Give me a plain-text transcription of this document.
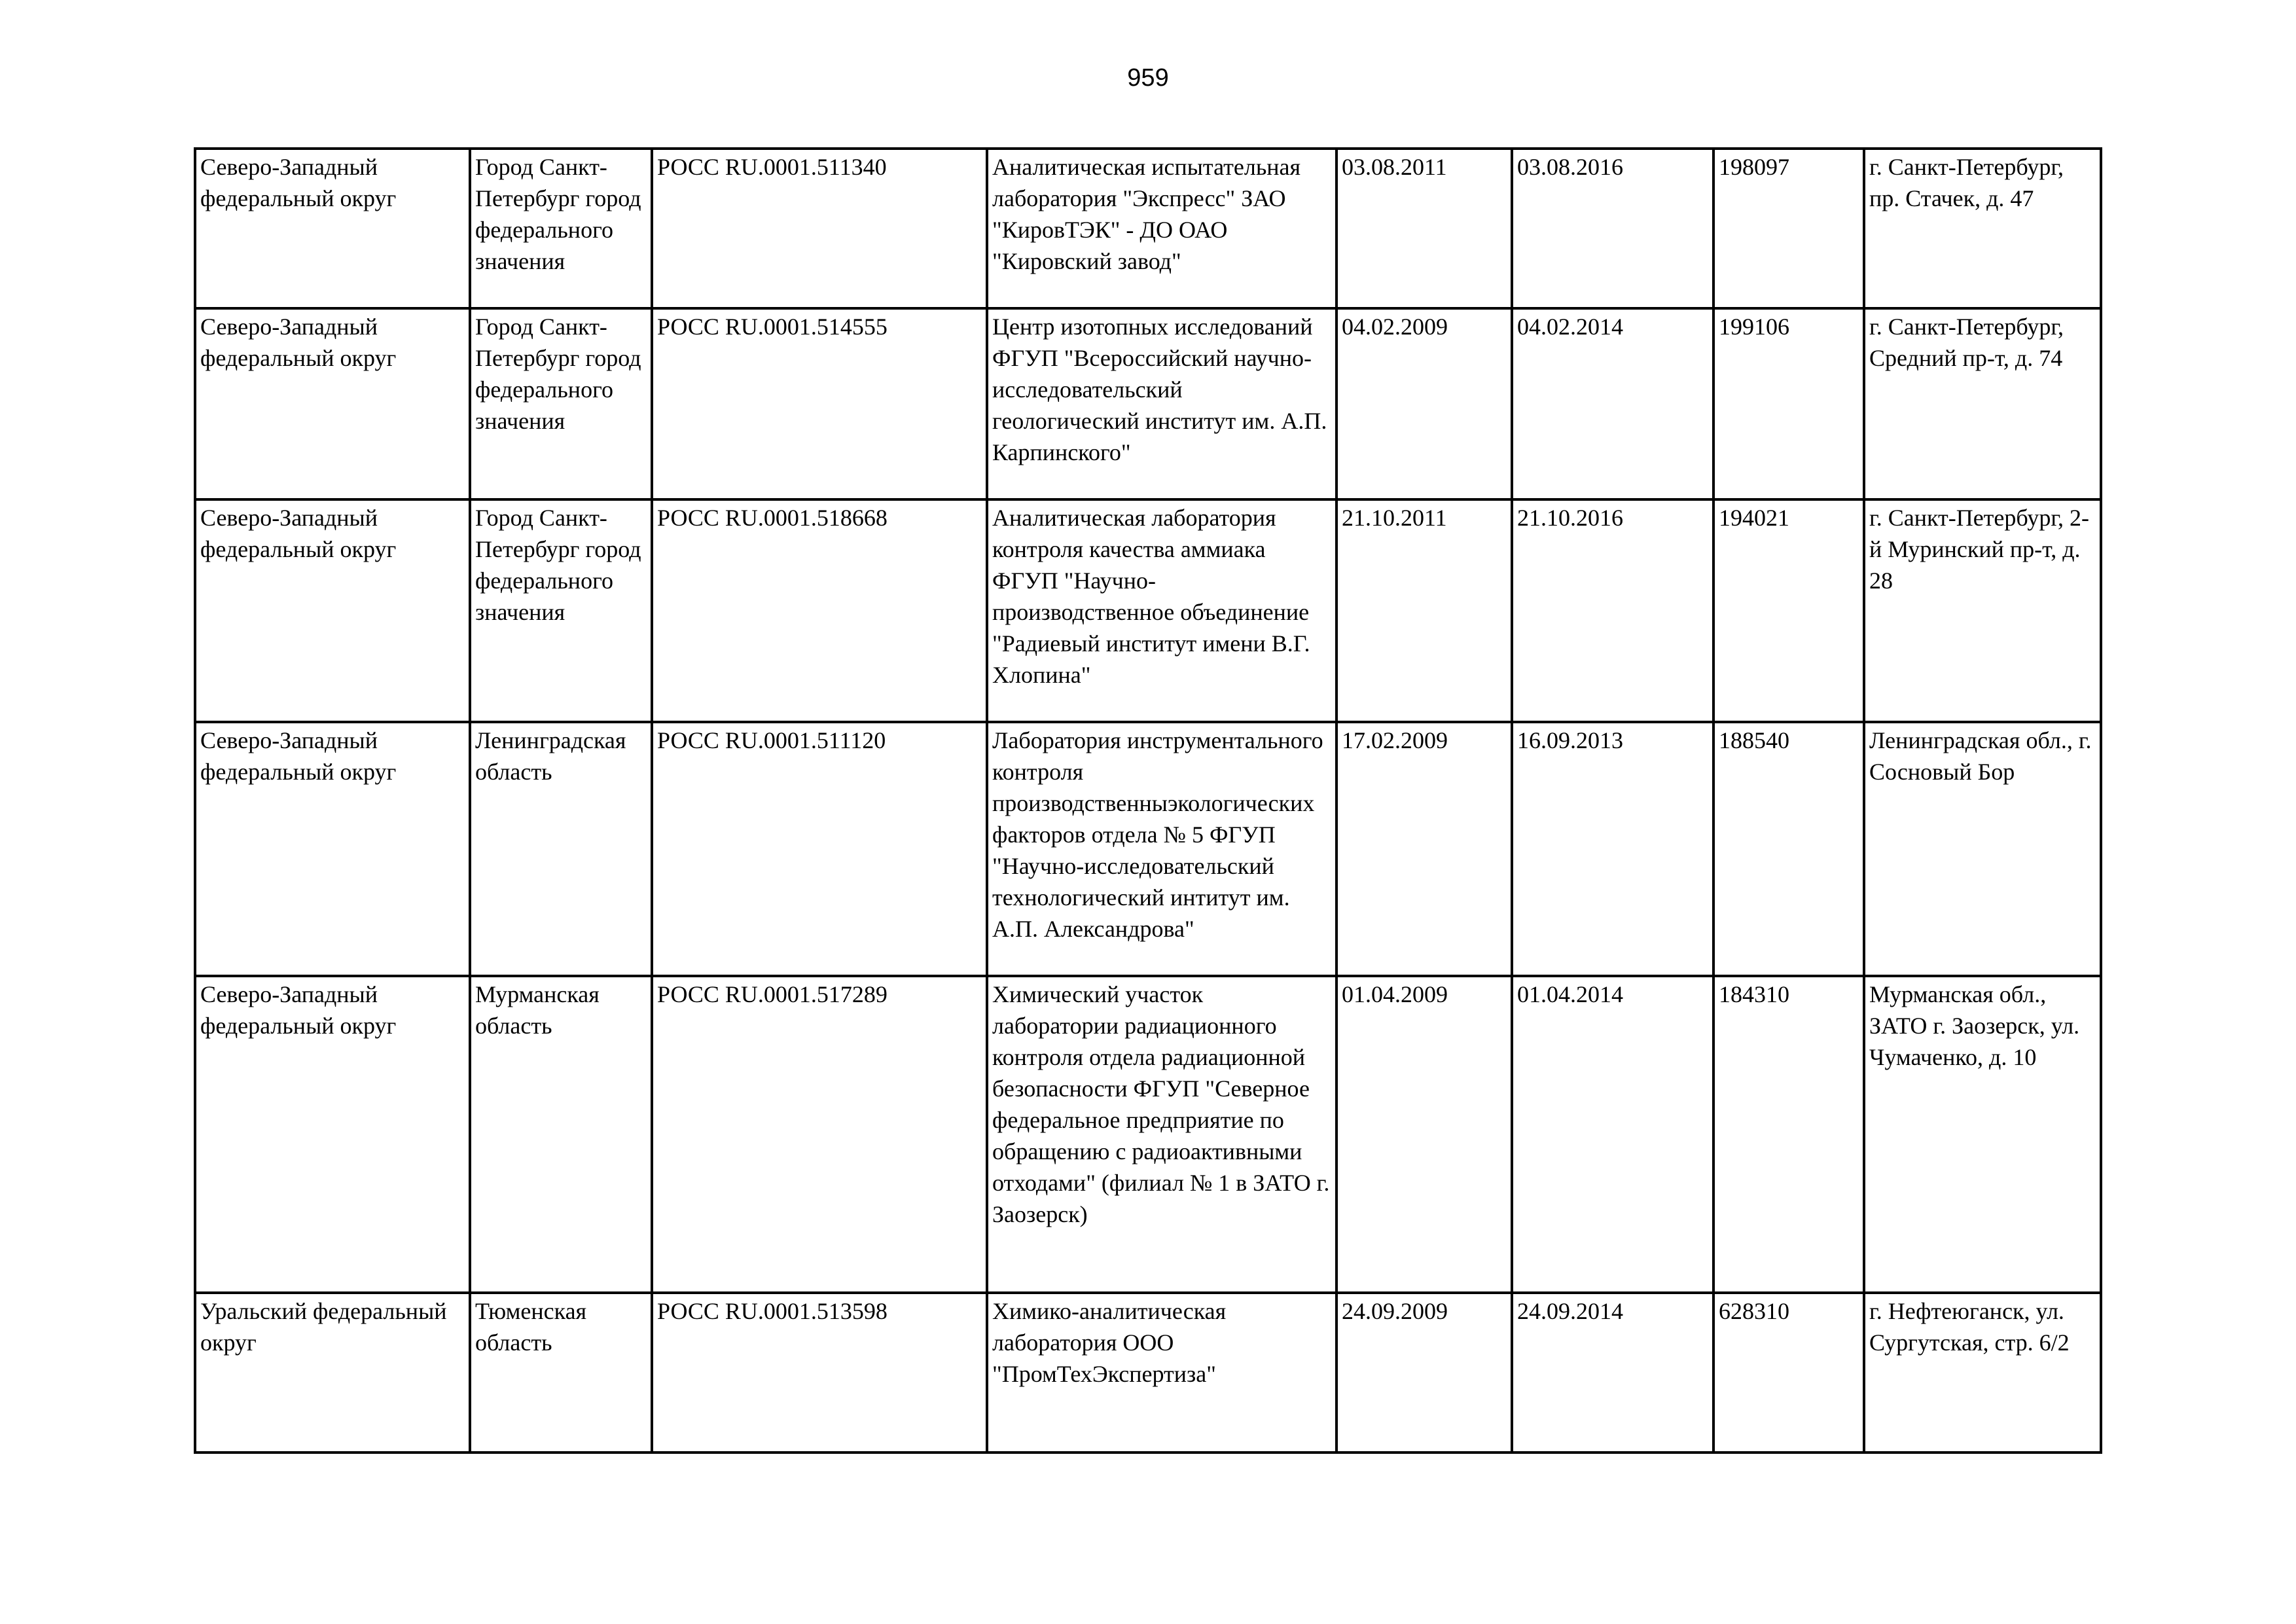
959
Северо-Западный федеральный округ	Город Санкт-Петербург город федерального значения	РОСС RU.0001.511340	Аналитическая испытательная лаборатория "Экспресс" ЗАО "КировТЭК" - ДО ОАО "Кировский завод"	03.08.2011	03.08.2016	198097	г. Санкт-Петербург, пр. Стачек, д. 47
Северо-Западный федеральный округ	Город Санкт-Петербург город федерального значения	РОСС RU.0001.514555	Центр изотопных исследований ФГУП "Всероссийский научно-исследовательский геологический институт им. А.П. Карпинского"	04.02.2009	04.02.2014	199106	г. Санкт-Петербург, Средний пр-т, д. 74
Северо-Западный федеральный округ	Город Санкт-Петербург город федерального значения	РОСС RU.0001.518668	Аналитическая лаборатория контроля качества аммиака ФГУП "Научно-производственное объединение "Радиевый институт имени В.Г. Хлопина"	21.10.2011	21.10.2016	194021	г. Санкт-Петербург, 2-й Муринский пр-т, д. 28
Северо-Западный федеральный округ	Ленинградская область	РОСС RU.0001.511120	Лаборатория инструментального контроля производственныэкологических факторов отдела № 5 ФГУП "Научно-исследовательский технологический интитут им. А.П. Александрова"	17.02.2009	16.09.2013	188540	Ленинградская обл., г. Сосновый Бор
Северо-Западный федеральный округ	Мурманская область	РОСС RU.0001.517289	Химический участок лаборатории радиационного контроля отдела радиационной безопасности ФГУП "Северное федеральное предприятие по обращению с радиоактивными отходами" (филиал № 1 в ЗАТО г. Заозерск)	01.04.2009	01.04.2014	184310	Мурманская обл., ЗАТО г. Заозерск, ул. Чумаченко, д. 10
Уральский федеральный округ	Тюменская область	РОСС RU.0001.513598	Химико-аналитическая лаборатория ООО "ПромТехЭкспертиза"	24.09.2009	24.09.2014	628310	г. Нефтеюганск, ул. Сургутская, стр. 6/2
